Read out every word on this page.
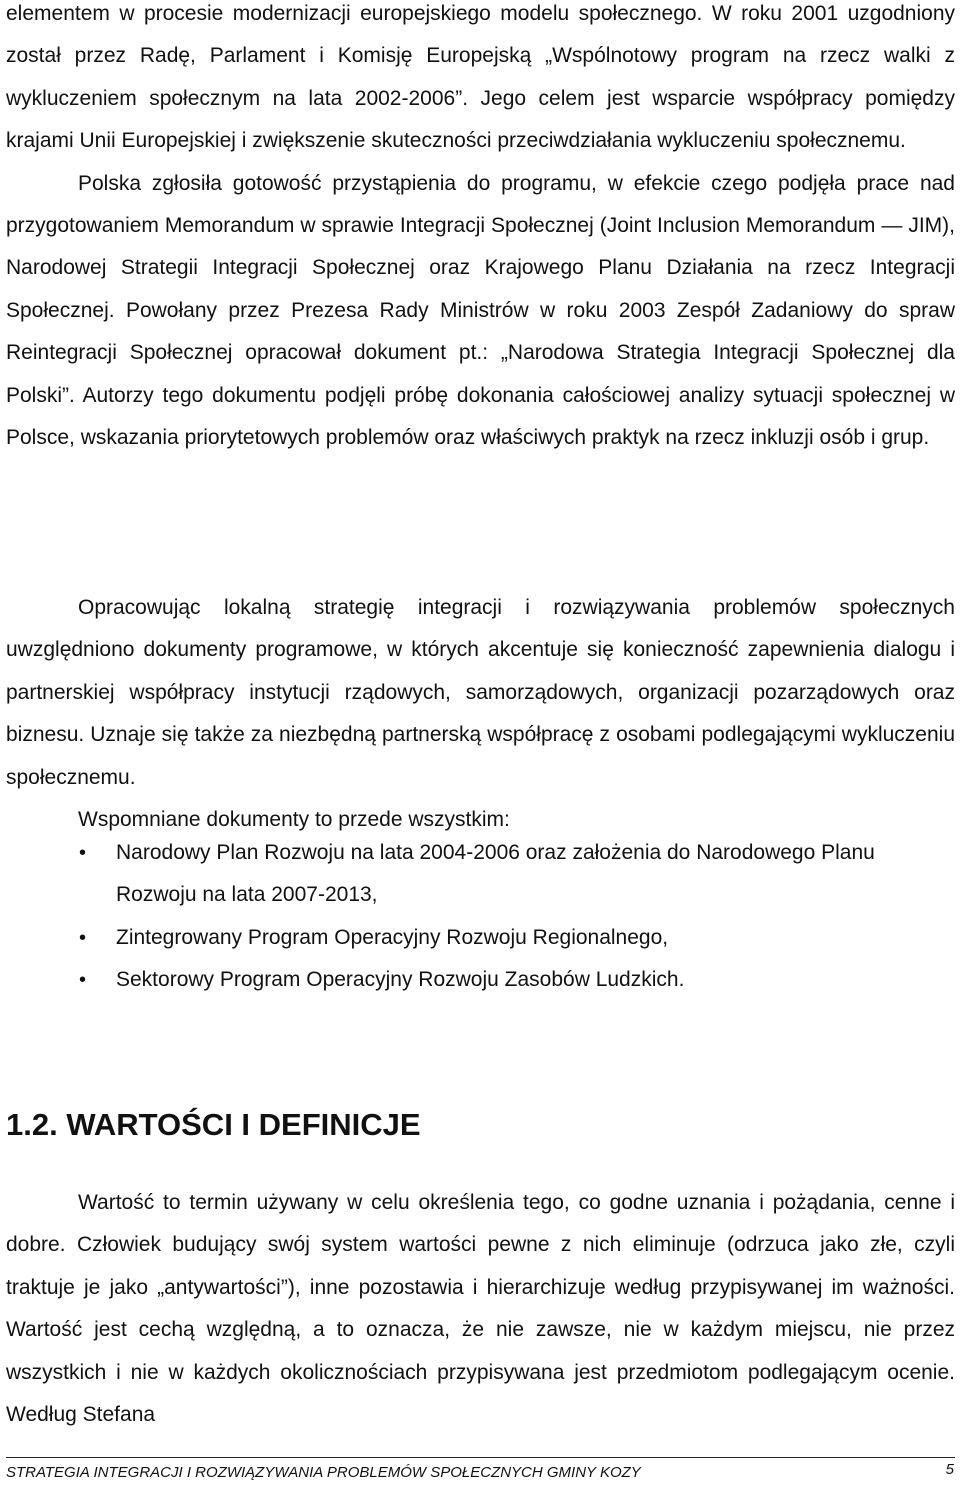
elementem w procesie modernizacji europejskiego modelu społecznego. W roku 2001 uzgodniony został przez Radę, Parlament i Komisję Europejską „Wspólnotowy program na rzecz walki z wykluczeniem społecznym na lata 2002-2006”. Jego celem jest wsparcie współpracy pomiędzy krajami Unii Europejskiej i zwiększenie skuteczności przeciwdziałania wykluczeniu społecznemu.

Polska zgłosiła gotowość przystąpienia do programu, w efekcie czego podjęła prace nad przygotowaniem Memorandum w sprawie Integracji Społecznej (Joint Inclusion Memorandum — JIM), Narodowej Strategii Integracji Społecznej oraz Krajowego Planu Działania na rzecz Integracji Społecznej. Powołany przez Prezesa Rady Ministrów w roku 2003 Zespół Zadaniowy do spraw Reintegracji Społecznej opracował dokument pt.: „Narodowa Strategia Integracji Społecznej dla Polski”. Autorzy tego dokumentu podjęli próbę dokonania całościowej analizy sytuacji społecznej w Polsce, wskazania priorytetowych problemów oraz właściwych praktyk na rzecz inkluzji osób i grup.

Opracowując lokalną strategię integracji i rozwiązywania problemów społecznych uwzględniono dokumenty programowe, w których akcentuje się konieczność zapewnienia dialogu i partnerskiej współpracy instytucji rządowych, samorządowych, organizacji pozarządowych oraz biznesu. Uznaje się także za niezbędną partnerską współpracę z osobami podlegającymi wykluczeniu społecznemu.

Wspomniane dokumenty to przede wszystkim:

• Narodowy Plan Rozwoju na lata 2004-2006 oraz założenia do Narodowego Planu Rozwoju na lata 2007-2013,
• Zintegrowany Program Operacyjny Rozwoju Regionalnego,
• Sektorowy Program Operacyjny Rozwoju Zasobów Ludzkich.
1.2. WARTOŚCI I DEFINICJE

Wartość to termin używany w celu określenia tego, co godne uznania i pożądania, cenne i dobre. Człowiek budujący swój system wartości pewne z nich eliminuje (odrzuca jako złe, czyli traktuje je jako „antywartości”), inne pozostawia i hierarchizuje według przypisywanej im ważności. Wartość jest cechą względną, a to oznacza, że nie zawsze, nie w każdym miejscu, nie przez wszystkich i nie w każdych okolicznościach przypisywana jest przedmiotom podlegającym ocenie. Według Stefana

STRATEGIA INTEGRACJI I ROZWIĄZYWANIA PROBLEMÓW SPOŁECZNYCH GMINY KOZY	5
